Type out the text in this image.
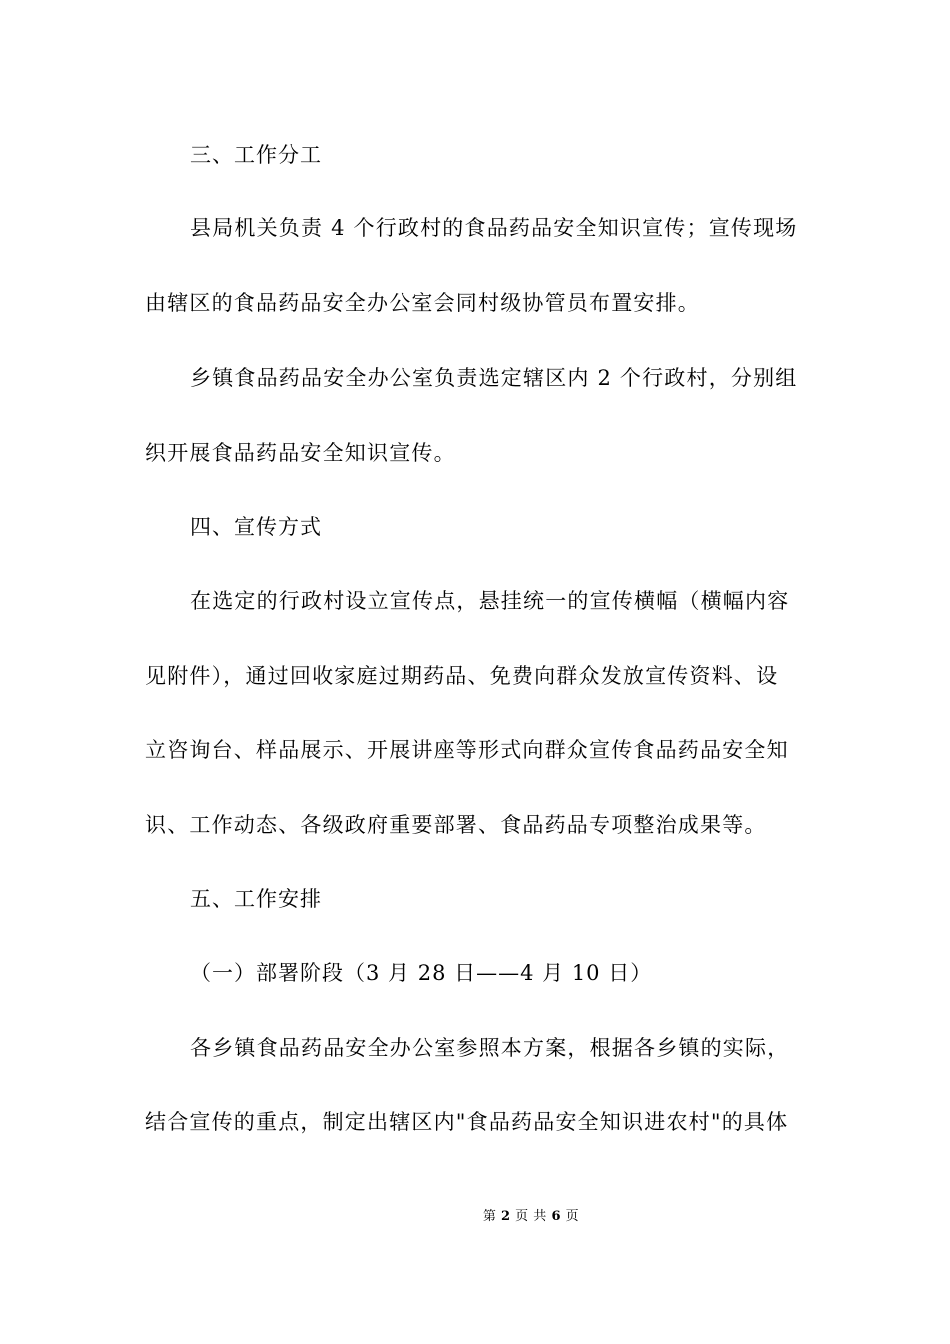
三、工作分工
县局机关负责 4 个行政村的食品药品安全知识宣传；宣传现场
由辖区的食品药品安全办公室会同村级协管员布置安排。
乡镇食品药品安全办公室负责选定辖区内 2 个行政村，分别组
织开展食品药品安全知识宣传。
四、宣传方式
在选定的行政村设立宣传点，悬挂统一的宣传横幅（横幅内容
见附件），通过回收家庭过期药品、免费向群众发放宣传资料、设
立咨询台、样品展示、开展讲座等形式向群众宣传食品药品安全知
识、工作动态、各级政府重要部署、食品药品专项整治成果等。
五、工作安排
（一）部署阶段（3 月 28 日——4 月 10 日）
各乡镇食品药品安全办公室参照本方案，根据各乡镇的实际，
结合宣传的重点，制定出辖区内"食品药品安全知识进农村"的具体
第 2 页 共 6 页
